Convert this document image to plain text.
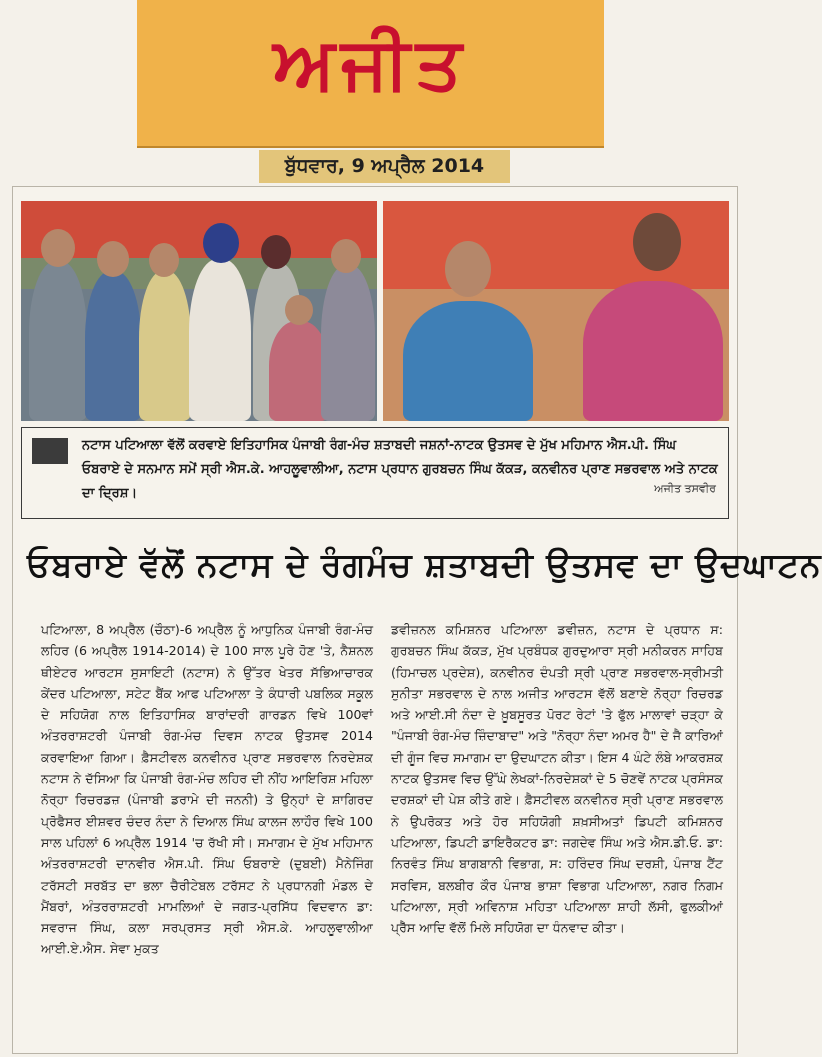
ਅਜੀਤ
ਬੁੱਧਵਾਰ, 9 ਅਪ੍ਰੈਲ 2014
ਨਟਾਸ ਪਟਿਆਲਾ ਵੱਲੋਂ ਕਰਵਾਏ ਇਤਿਹਾਸਿਕ ਪੰਜਾਬੀ ਰੰਗ-ਮੰਚ ਸ਼ਤਾਬਦੀ ਜਸ਼ਨਾਂ-ਨਾਟਕ ਉਤਸਵ ਦੇ ਮੁੱਖ ਮਹਿਮਾਨ ਐਸ.ਪੀ. ਸਿੰਘ ਓਬਰਾਏ ਦੇ ਸਨਮਾਨ ਸਮੇਂ ਸ੍ਰੀ ਐਸ.ਕੇ. ਆਹਲੂਵਾਲੀਆ, ਨਟਾਸ ਪ੍ਰਧਾਨ ਗੁਰਬਚਨ ਸਿੰਘ ਕੱਕੜ, ਕਨਵੀਨਰ ਪ੍ਰਾਣ ਸਭਰਵਾਲ ਅਤੇ ਨਾਟਕ ਦਾ ਦ੍ਰਿਸ਼।	ਅਜੀਤ ਤਸਵੀਰ
ਓਬਰਾਏ ਵੱਲੋਂ ਨਟਾਸ ਦੇ ਰੰਗਮੰਚ ਸ਼ਤਾਬਦੀ ਉਤਸਵ ਦਾ ਉਦਘਾਟਨ
ਪਟਿਆਲਾ, 8 ਅਪ੍ਰੈਲ (ਚੌਠਾ)-6 ਅਪ੍ਰੈਲ ਨੂੰ ਆਧੁਨਿਕ ਪੰਜਾਬੀ ਰੰਗ-ਮੰਚ ਲਹਿਰ (6 ਅਪ੍ਰੈਲ 1914-2014) ਦੇ 100 ਸਾਲ ਪੂਰੇ ਹੋਣ 'ਤੇ, ਨੈਸ਼ਨਲ ਥੀਏਟਰ ਆਰਟਸ ਸੁਸਾਇਟੀ (ਨਟਾਸ) ਨੇ ਉੱਤਰ ਖੇਤਰ ਸੱਭਿਆਚਾਰਕ ਕੇਂਦਰ ਪਟਿਆਲਾ, ਸਟੇਟ ਬੈਂਕ ਆਫ ਪਟਿਆਲਾ ਤੇ ਕੰਧਾਰੀ ਪਬਲਿਕ ਸਕੂਲ ਦੇ ਸਹਿਯੋਗ ਨਾਲ ਇਤਿਹਾਸਿਕ ਬਾਰਾਂਦਰੀ ਗਾਰਡਨ ਵਿਖੇ 100ਵਾਂ ਅੰਤਰਰਾਸ਼ਟਰੀ ਪੰਜਾਬੀ ਰੰਗ-ਮੰਚ ਦਿਵਸ ਨਾਟਕ ਉਤਸਵ 2014 ਕਰਵਾਇਆ ਗਿਆ। ਫ਼ੈਸਟੀਵਲ ਕਨਵੀਨਰ ਪ੍ਰਾਣ ਸਭਰਵਾਲ ਨਿਰਦੇਸ਼ਕ ਨਟਾਸ ਨੇ ਦੱਸਿਆ ਕਿ ਪੰਜਾਬੀ ਰੰਗ-ਮੰਚ ਲਹਿਰ ਦੀ ਨੀਂਹ ਆਇਰਿਸ਼ ਮਹਿਲਾ ਨੋਰ੍ਹਾ ਰਿਚਰਡਜ਼ (ਪੰਜਾਬੀ ਡਰਾਮੇ ਦੀ ਜਨਨੀ) ਤੇ ਉਨ੍ਹਾਂ ਦੇ ਸ਼ਾਗਿਰਦ ਪ੍ਰੋਫੈਸਰ ਈਸ਼ਵਰ ਚੰਦਰ ਨੰਦਾ ਨੇ ਦਿਆਲ ਸਿੰਘ ਕਾਲਜ ਲਾਹੌਰ ਵਿਖੇ 100 ਸਾਲ ਪਹਿਲਾਂ 6 ਅਪ੍ਰੈਲ 1914 'ਚ ਰੱਖੀ ਸੀ। ਸਮਾਗਮ ਦੇ ਮੁੱਖ ਮਹਿਮਾਨ ਅੰਤਰਰਾਸ਼ਟਰੀ ਦਾਨਵੀਰ ਐਸ.ਪੀ. ਸਿੰਘ ਓਬਰਾਏ (ਦੁਬਈ) ਮੈਨੇਜਿੰਗ ਟਰੱਸਟੀ ਸਰਬੱਤ ਦਾ ਭਲਾ ਚੈਰੀਟੇਬਲ ਟਰੱਸਟ ਨੇ ਪ੍ਰਧਾਨਗੀ ਮੰਡਲ ਦੇ ਮੈਂਬਰਾਂ, ਅੰਤਰਰਾਸ਼ਟਰੀ ਮਾਮਲਿਆਂ ਦੇ ਜਗਤ-ਪ੍ਰਸਿੱਧ ਵਿਦਵਾਨ ਡਾ: ਸਵਰਾਜ ਸਿੰਘ, ਕਲਾ ਸਰਪ੍ਰਸਤ ਸ੍ਰੀ ਐਸ.ਕੇ. ਆਹਲੂਵਾਲੀਆ ਆਈ.ਏ.ਐਸ. ਸੇਵਾ ਮੁਕਤ
ਡਵੀਜ਼ਨਲ ਕਮਿਸ਼ਨਰ ਪਟਿਆਲਾ ਡਵੀਜ਼ਨ, ਨਟਾਸ ਦੇ ਪ੍ਰਧਾਨ ਸ: ਗੁਰਬਚਨ ਸਿੰਘ ਕੱਕੜ, ਮੁੱਖ ਪ੍ਰਬੰਧਕ ਗੁਰਦੁਆਰਾ ਸ੍ਰੀ ਮਨੀਕਰਨ ਸਾਹਿਬ (ਹਿਮਾਚਲ ਪ੍ਰਦੇਸ਼), ਕਨਵੀਨਰ ਦੰਪਤੀ ਸ੍ਰੀ ਪ੍ਰਾਣ ਸਭਰਵਾਲ-ਸ੍ਰੀਮਤੀ ਸੁਨੀਤਾ ਸਭਰਵਾਲ ਦੇ ਨਾਲ ਅਜੀਤ ਆਰਟਸ ਵੱਲੋਂ ਬਣਾਏ ਨੋਰ੍ਹਾ ਰਿਚਰਡ ਅਤੇ ਆਈ.ਸੀ ਨੰਦਾ ਦੇ ਖ਼ੂਬਸੂਰਤ ਪੋਰਟ ਰੇਟਾਂ 'ਤੇ ਫੁੱਲ ਮਾਲਾਵਾਂ ਚੜ੍ਹਾ ਕੇ "ਪੰਜਾਬੀ ਰੰਗ-ਮੰਚ ਜ਼ਿੰਦਾਬਾਦ" ਅਤੇ "ਨੋਰ੍ਹਾ ਨੰਦਾ ਅਮਰ ਹੈ" ਦੇ ਜੈ ਕਾਰਿਆਂ ਦੀ ਗੂੰਜ ਵਿਚ ਸਮਾਗਮ ਦਾ ਉਦਘਾਟਨ ਕੀਤਾ। ਇਸ 4 ਘੰਟੇ ਲੰਬੇ ਆਕਰਸ਼ਕ ਨਾਟਕ ਉਤਸਵ ਵਿਚ ਉੱਘੇ ਲੇਖਕਾਂ-ਨਿਰਦੇਸ਼ਕਾਂ ਦੇ 5 ਚੋਣਵੇਂ ਨਾਟਕ ਪ੍ਰਸੰਸਕ ਦਰਸ਼ਕਾਂ ਦੀ ਪੇਸ਼ ਕੀਤੇ ਗਏ। ਫ਼ੈਸਟੀਵਲ ਕਨਵੀਨਰ ਸ੍ਰੀ ਪ੍ਰਾਣ ਸਭਰਵਾਲ ਨੇ ਉਪਰੋਕਤ ਅਤੇ ਹੋਰ ਸਹਿਯੋਗੀ ਸ਼ਖ਼ਸੀਅਤਾਂ ਡਿਪਟੀ ਕਮਿਸ਼ਨਰ ਪਟਿਆਲਾ, ਡਿਪਟੀ ਡਾਇਰੈਕਟਰ ਡਾ: ਜਗਦੇਵ ਸਿੰਘ ਅਤੇ ਐਸ.ਡੀ.ਓ. ਡਾ: ਨਿਰਵੰਤ ਸਿੰਘ ਬਾਗਬਾਨੀ ਵਿਭਾਗ, ਸ: ਹਰਿੰਦਰ ਸਿੰਘ ਦਰਸ਼ੀ, ਪੰਜਾਬ ਟੈਂਟ ਸਰਵਿਸ, ਬਲਬੀਰ ਕੌਰ ਪੰਜਾਬ ਭਾਸ਼ਾ ਵਿਭਾਗ ਪਟਿਆਲਾ, ਨਗਰ ਨਿਗਮ ਪਟਿਆਲਾ, ਸ੍ਰੀ ਅਵਿਨਾਸ਼ ਮਹਿਤਾ ਪਟਿਆਲਾ ਸ਼ਾਹੀ ਲੱਸੀ, ਫੁਲਕੀਆਂ ਪ੍ਰੈੱਸ ਆਦਿ ਵੱਲੋਂ ਮਿਲੇ ਸਹਿਯੋਗ ਦਾ ਧੰਨਵਾਦ ਕੀਤਾ।
